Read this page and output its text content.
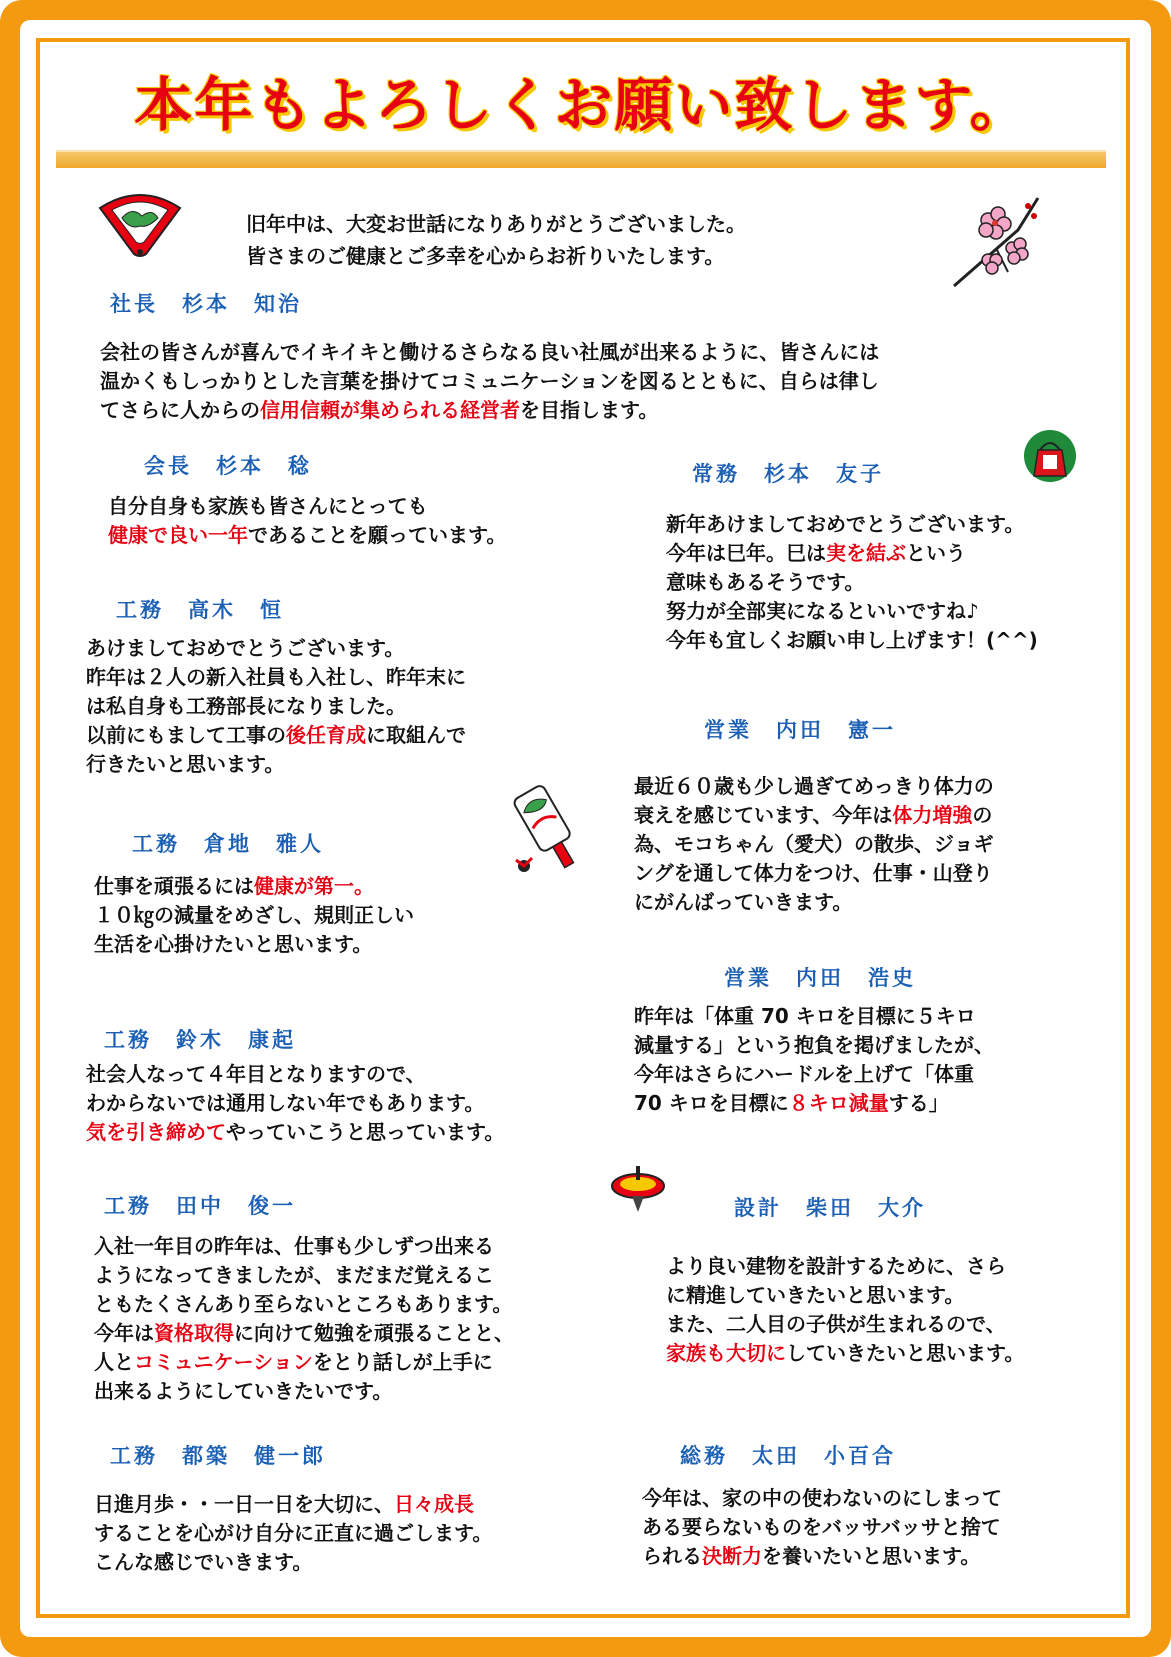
本年もよろしくお願い致します。
旧年中は、大変お世話になりありがとうございました。
皆さまのご健康とご多幸を心からお祈りいたします。
社長　杉本　知治

会社の皆さんが喜んでイキイキと働けるさらなる良い社風が出来るように、皆さんには

温かくもしっかりとした言葉を掛けてコミュニケーションを図るとともに、自らは律し

てさらに人からの信用信頼が集められる経営者を目指します。

会長　杉本　稔

自分自身も家族も皆さんにとっても

健康で良い一年であることを願っています。

工務　高木　恒

あけましておめでとうございます。

昨年は２人の新入社員も入社し、昨年末に

は私自身も工務部長になりました。

以前にもまして工事の後任育成に取組んで

行きたいと思います。

工務　倉地　雅人

仕事を頑張るには健康が第一。

１０㎏の減量をめざし、規則正しい

生活を心掛けたいと思います。

工務　鈴木　康起

社会人なって４年目となりますので、

わからないでは通用しない年でもあります。

気を引き締めてやっていこうと思っています。

工務　田中　俊一

入社一年目の昨年は、仕事も少しずつ出来る

ようになってきましたが、まだまだ覚えるこ

ともたくさんあり至らないところもあります。

今年は資格取得に向けて勉強を頑張ることと、

人とコミュニケーションをとり話しが上手に

出来るようにしていきたいです。

工務　都築　健一郎

日進月歩・・一日一日を大切に、日々成長

することを心がけ自分に正直に過ごします。

こんな感じでいきます。

常務　杉本　友子

新年あけましておめでとうございます。

今年は巳年。巳は実を結ぶという

意味もあるそうです。

努力が全部実になるといいですね♪

今年も宜しくお願い申し上げます！(^^)

営業　内田　憲一

最近６０歳も少し過ぎてめっきり体力の

衰えを感じています、今年は体力増強の

為、モコちゃん（愛犬）の散歩、ジョギ

ングを通して体力をつけ、仕事・山登り

にがんばっていきます。

営業　内田　浩史

昨年は「体重 70 キロを目標に５キロ

減量する」という抱負を掲げましたが、

今年はさらにハードルを上げて「体重

70 キロを目標に８キロ減量する」

設計　柴田　大介

より良い建物を設計するために、さら

に精進していきたいと思います。

また、二人目の子供が生まれるので、

家族も大切にしていきたいと思います。

総務　太田　小百合

今年は、家の中の使わないのにしまって

ある要らないものをバッサバッサと捨て

られる決断力を養いたいと思います。
